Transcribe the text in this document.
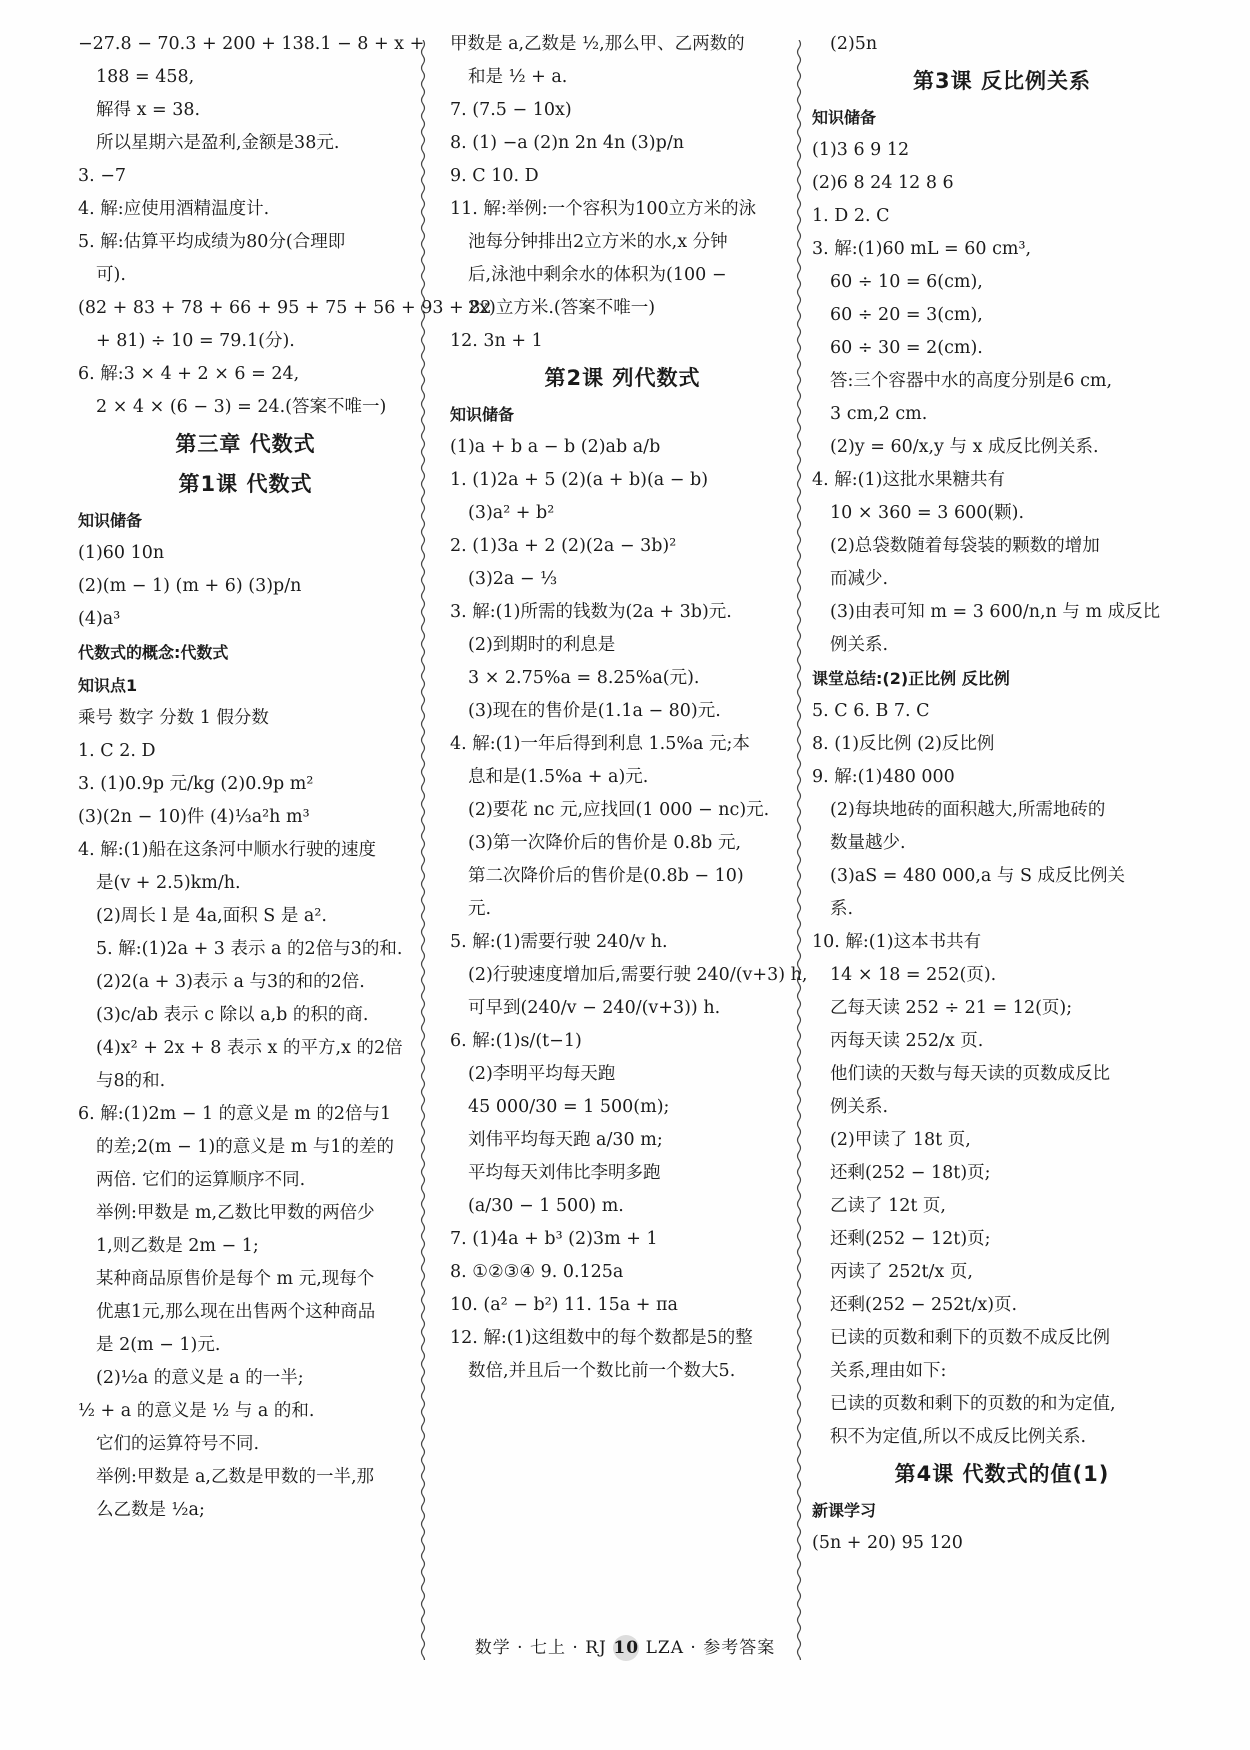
−27.8 − 70.3 + 200 + 138.1 − 8 + x +
188 = 458,
解得 x = 38.
所以星期六是盈利,金额是38元.
3. −7
4. 解:应使用酒精温度计.
5. 解:估算平均成绩为80分(合理即
可).
(82 + 83 + 78 + 66 + 95 + 75 + 56 + 93 + 82
+ 81) ÷ 10 = 79.1(分).
6. 解:3 × 4 + 2 × 6 = 24,
2 × 4 × (6 − 3) = 24.(答案不唯一)
第三章 代数式
第1课 代数式
知识储备
(1)60 10n
(2)(m − 1) (m + 6) (3)p/n
(4)a³
代数式的概念:代数式
知识点1
乘号 数字 分数 1 假分数
1. C 2. D
3. (1)0.9p 元/kg (2)0.9p m²
(3)(2n − 10)件 (4)⅓a²h m³
4. 解:(1)船在这条河中顺水行驶的速度
是(v + 2.5)km/h.
(2)周长 l 是 4a,面积 S 是 a².
5. 解:(1)2a + 3 表示 a 的2倍与3的和.
(2)2(a + 3)表示 a 与3的和的2倍.
(3)c/ab 表示 c 除以 a,b 的积的商.
(4)x² + 2x + 8 表示 x 的平方,x 的2倍
与8的和.
6. 解:(1)2m − 1 的意义是 m 的2倍与1
的差;2(m − 1)的意义是 m 与1的差的
两倍. 它们的运算顺序不同.
举例:甲数是 m,乙数比甲数的两倍少
1,则乙数是 2m − 1;
某种商品原售价是每个 m 元,现每个
优惠1元,那么现在出售两个这种商品
是 2(m − 1)元.
(2)½a 的意义是 a 的一半;
½ + a 的意义是 ½ 与 a 的和.
它们的运算符号不同.
举例:甲数是 a,乙数是甲数的一半,那
么乙数是 ½a;
甲数是 a,乙数是 ½,那么甲、乙两数的
和是 ½ + a.
7. (7.5 − 10x)
8. (1) −a (2)n 2n 4n (3)p/n
9. C 10. D
11. 解:举例:一个容积为100立方米的泳
池每分钟排出2立方米的水,x 分钟
后,泳池中剩余水的体积为(100 −
2x)立方米.(答案不唯一)
12. 3n + 1
第2课 列代数式
知识储备
(1)a + b a − b (2)ab a/b
1. (1)2a + 5 (2)(a + b)(a − b)
(3)a² + b²
2. (1)3a + 2 (2)(2a − 3b)²
(3)2a − ⅓
3. 解:(1)所需的钱数为(2a + 3b)元.
(2)到期时的利息是
3 × 2.75%a = 8.25%a(元).
(3)现在的售价是(1.1a − 80)元.
4. 解:(1)一年后得到利息 1.5%a 元;本
息和是(1.5%a + a)元.
(2)要花 nc 元,应找回(1 000 − nc)元.
(3)第一次降价后的售价是 0.8b 元,
第二次降价后的售价是(0.8b − 10)
元.
5. 解:(1)需要行驶 240/v h.
(2)行驶速度增加后,需要行驶 240/(v+3) h,
可早到(240/v − 240/(v+3)) h.
6. 解:(1)s/(t−1)
(2)李明平均每天跑
45 000/30 = 1 500(m);
刘伟平均每天跑 a/30 m;
平均每天刘伟比李明多跑
(a/30 − 1 500) m.
7. (1)4a + b³ (2)3m + 1
8. ①②③④ 9. 0.125a
10. (a² − b²) 11. 15a + πa
12. 解:(1)这组数中的每个数都是5的整
数倍,并且后一个数比前一个数大5.
(2)5n
第3课 反比例关系
知识储备
(1)3 6 9 12
(2)6 8 24 12 8 6
1. D 2. C
3. 解:(1)60 mL = 60 cm³,
60 ÷ 10 = 6(cm),
60 ÷ 20 = 3(cm),
60 ÷ 30 = 2(cm).
答:三个容器中水的高度分别是6 cm,
3 cm,2 cm.
(2)y = 60/x,y 与 x 成反比例关系.
4. 解:(1)这批水果糖共有
10 × 360 = 3 600(颗).
(2)总袋数随着每袋装的颗数的增加
而减少.
(3)由表可知 m = 3 600/n,n 与 m 成反比
例关系.
课堂总结:(2)正比例 反比例
5. C 6. B 7. C
8. (1)反比例 (2)反比例
9. 解:(1)480 000
(2)每块地砖的面积越大,所需地砖的
数量越少.
(3)aS = 480 000,a 与 S 成反比例关
系.
10. 解:(1)这本书共有
14 × 18 = 252(页).
乙每天读 252 ÷ 21 = 12(页);
丙每天读 252/x 页.
他们读的天数与每天读的页数成反比
例关系.
(2)甲读了 18t 页,
还剩(252 − 18t)页;
乙读了 12t 页,
还剩(252 − 12t)页;
丙读了 252t/x 页,
还剩(252 − 252t/x)页.
已读的页数和剩下的页数不成反比例
关系,理由如下:
已读的页数和剩下的页数的和为定值,
积不为定值,所以不成反比例关系.
第4课 代数式的值(1)
新课学习
(5n + 20) 95 120
数学 · 七上 · RJ 10 LZA · 参考答案
